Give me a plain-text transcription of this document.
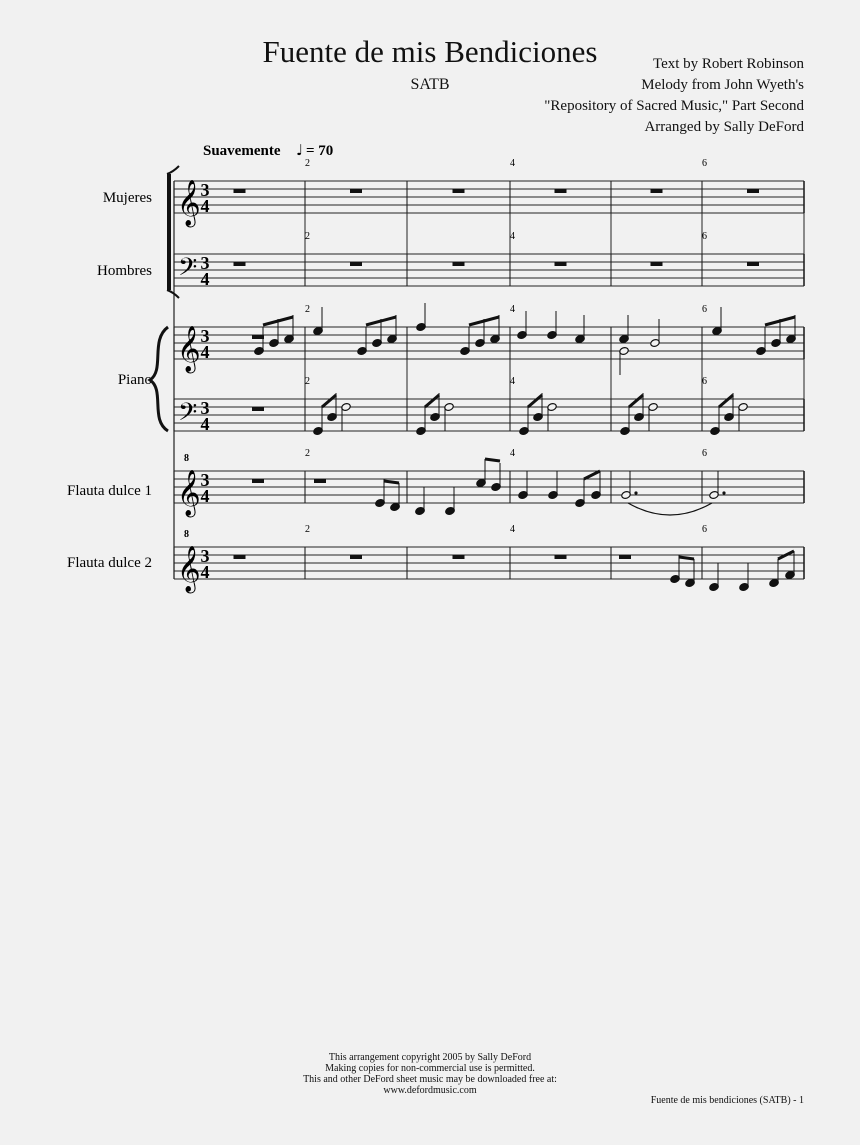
Fuente de mis Bendiciones
SATB
Text by Robert Robinson
Melody from John Wyeth's
"Repository of Sacred Music," Part Second
Arranged by Sally DeFord
Suavemente ♩ = 70
Mujeres
Hombres
Piano
Flauta dulce 1
Flauta dulce 2
2	4	6
𝄞 3
4
2	4	6
𝄢 3
4
2	4	6
𝄞 3
4
2	4	6
𝄢 3
4
2	4	6
𝄞
8
3
4
2	4	6
𝄞
8
3
4
This arrangement copyright 2005 by Sally DeFord
Making copies for non-commercial use is permitted.
This and other DeFord sheet music may be downloaded free at:
www.defordmusic.com
Fuente de mis bendiciones (SATB) - 1
